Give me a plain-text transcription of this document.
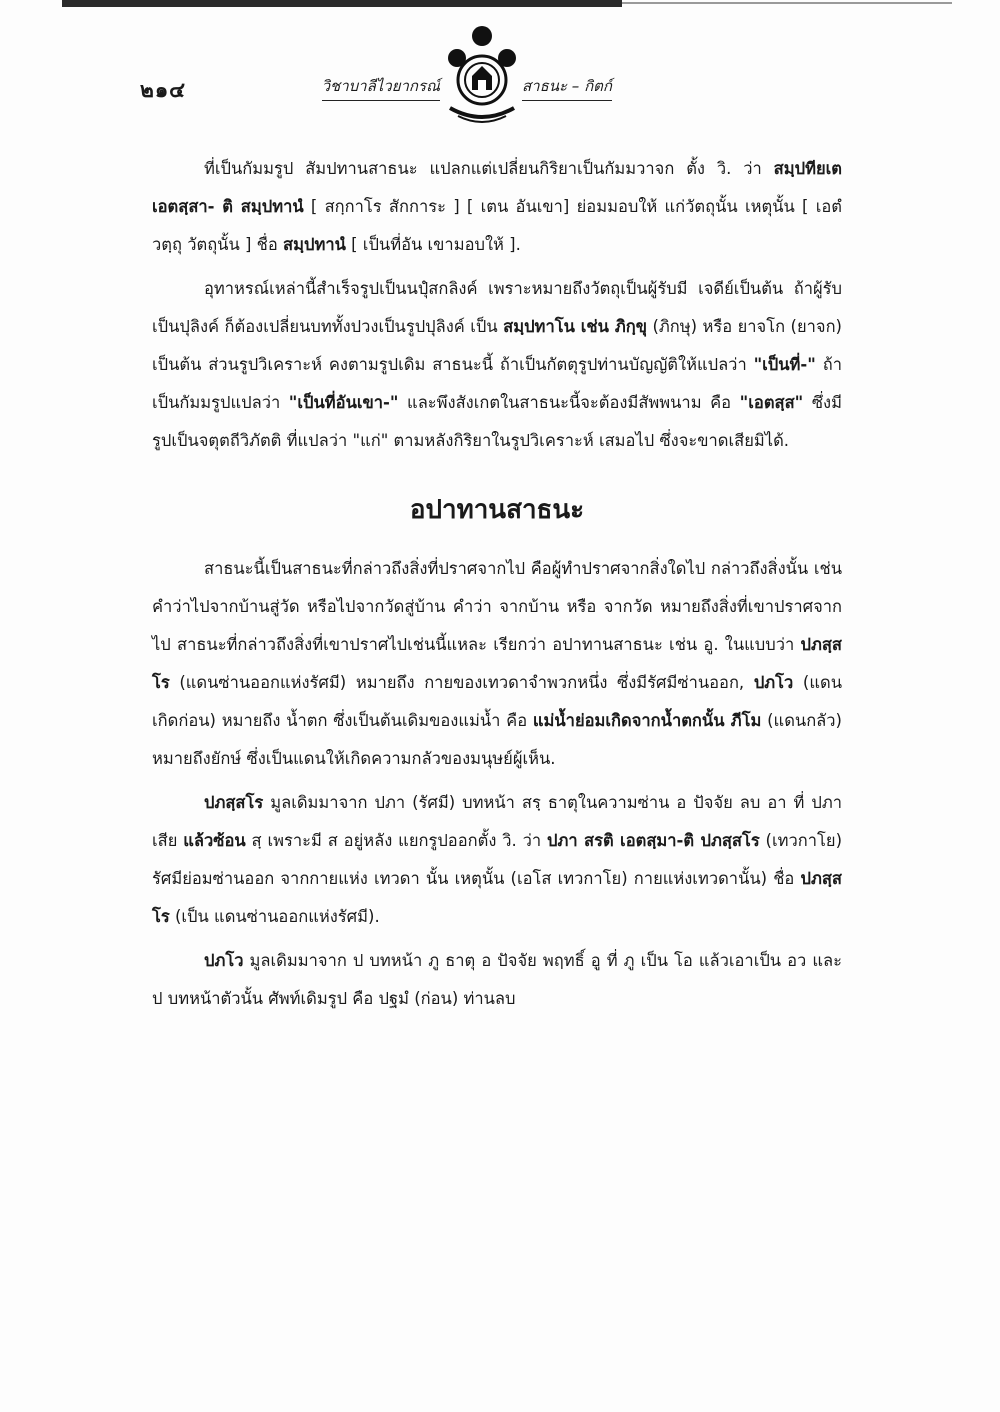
๒๑๔	วิชาบาลีไวยากรณ์	สาธนะ – กิตก์

ที่เป็นกัมมรูป สัมปทานสาธนะ แปลกแต่เปลี่ยนกิริยาเป็นกัมมวาจก ตั้ง วิ. ว่า สมฺปทียเต เอตสฺสา- ติ สมฺปทานํ [ สกฺกาโร สักการะ ] [ เตน อันเขา] ย่อมมอบให้ แก่วัตถุนั้น เหตุนั้น [ เอตํ วตฺถุ วัตถุนั้น ] ชื่อ สมฺปทานํ [ เป็นที่อัน เขามอบให้ ].

อุทาหรณ์เหล่านี้สำเร็จรูปเป็นนปุํสกลิงค์ เพราะหมายถึงวัตถุเป็นผู้รับมี เจดีย์เป็นต้น ถ้าผู้รับเป็นปุลิงค์ ก็ต้องเปลี่ยนบททั้งปวงเป็นรูปปุลิงค์ เป็น สมฺปทาโน เช่น ภิกฺขุ (ภิกษุ) หรือ ยาจโก (ยาจก) เป็นต้น ส่วนรูปวิเคราะห์ คงตามรูปเดิม สาธนะนี้ ถ้าเป็นกัตตุรูปท่านบัญญัติให้แปลว่า "เป็นที่-" ถ้าเป็นกัมมรูปแปลว่า "เป็นที่อันเขา-" และพึงสังเกตในสาธนะนี้จะต้องมีสัพพนาม คือ "เอตสฺส" ซึ่งมีรูปเป็นจตุตถีวิภัตติ ที่แปลว่า "แก่" ตามหลังกิริยาในรูปวิเคราะห์ เสมอไป ซึ่งจะขาดเสียมิได้.

อปาทานสาธนะ

สาธนะนี้เป็นสาธนะที่กล่าวถึงสิ่งที่ปราศจากไป คือผู้ทำปราศจากสิ่งใดไป กล่าวถึงสิ่งนั้น เช่นคำว่าไปจากบ้านสู่วัด หรือไปจากวัดสู่บ้าน คำว่า จากบ้าน หรือ จากวัด หมายถึงสิ่งที่เขาปราศจากไป สาธนะที่กล่าวถึงสิ่งที่เขาปราศไปเช่นนี้แหละ เรียกว่า อปาทานสาธนะ เช่น อู. ในแบบว่า ปภสฺสโร (แดนซ่านออกแห่งรัศมี) หมายถึง กายของเทวดาจำพวกหนึ่ง ซึ่งมีรัศมีซ่านออก, ปภโว (แดนเกิดก่อน) หมายถึง น้ำตก ซึ่งเป็นต้นเดิมของแม่น้ำ คือ แม่น้ำย่อมเกิดจากน้ำตกนั้น ภีโม (แดนกลัว) หมายถึงยักษ์ ซึ่งเป็นแดนให้เกิดความกลัวของมนุษย์ผู้เห็น.

ปภสฺสโร มูลเดิมมาจาก ปภา (รัศมี) บทหน้า สรฺ ธาตุในความซ่าน อ ปัจจัย ลบ อา ที่ ปภา เสีย แล้วซ้อน สฺ เพราะมี ส อยู่หลัง แยกรูปออกตั้ง วิ. ว่า ปภา สรติ เอตสฺมา-ติ ปภสฺสโร (เทวกาโย) รัศมีย่อมซ่านออก จากกายแห่ง เทวดา นั้น เหตุนั้น (เอโส เทวกาโย) กายแห่งเทวดานั้น) ชื่อ ปภสฺสโร (เป็น แดนซ่านออกแห่งรัศมี).

ปภโว มูลเดิมมาจาก ป บทหน้า ภู ธาตุ อ ปัจจัย พฤทธิ์ อู ที่ ภู เป็น โอ แล้วเอาเป็น อว และ ป บทหน้าตัวนั้น ศัพท์เดิมรูป คือ ปฐมํ (ก่อน) ท่านลบ
